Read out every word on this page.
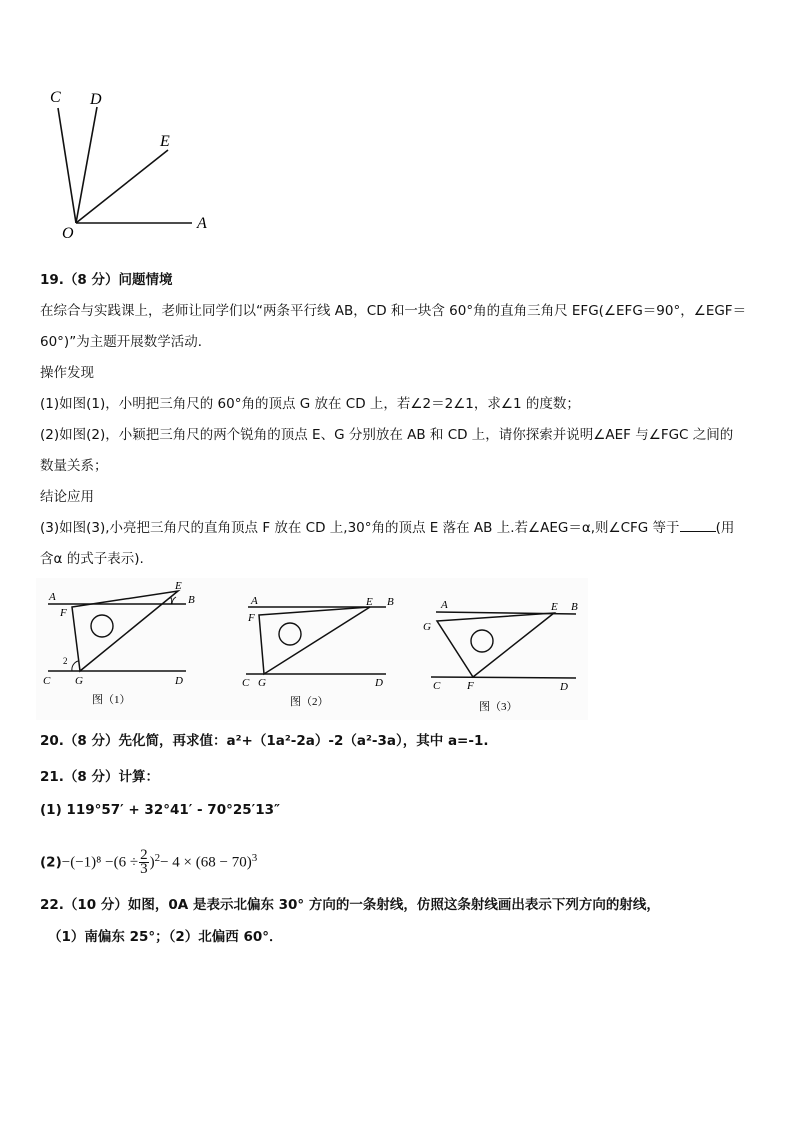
C D
E
O
A
19.（8 分）问题情境
在综合与实践课上，老师让同学们以“两条平行线 AB，CD 和一块含 60°角的直角三角尺 EFG(∠EFG＝90°，∠EGF＝
60°)”为主题开展数学活动．
操作发现
(1)如图(1)，小明把三角尺的 60°角的顶点 G 放在 CD 上，若∠2＝2∠1，求∠1 的度数；
(2)如图(2)，小颖把三角尺的两个锐角的顶点 E、G 分别放在 AB 和 CD 上，请你探索并说明∠AEF 与∠FGC 之间的
数量关系；
结论应用
(3)如图(3),小亮把三角尺的直角顶点 F 放在 CD 上,30°角的顶点 E 落在 AB 上.若∠AEG＝α,则∠CFG 等于	(用
含α 的式子表示).
A	B
E
F
1
2
C G	D
图（1）
A	E B
F
C G	D
图（2）
A	E B
G
C F	D
图（3）
20.（8 分）先化简，再求值：a²+（1a²-2a）-2（a²-3a），其中 a=-1.
21.（8 分）计算：
(1) 119°57′ + 32°41′ - 70°25′13″
$(2)-(-1)^8 -(6 \div \frac{2}{3} )^2- 4 \times (68 - 70)^3$
22.（10 分）如图，0A 是表示北偏东 30° 方向的一条射线，仿照这条射线画出表示下列方向的射线，
（1）南偏东 25°；（2）北偏西 60°．
